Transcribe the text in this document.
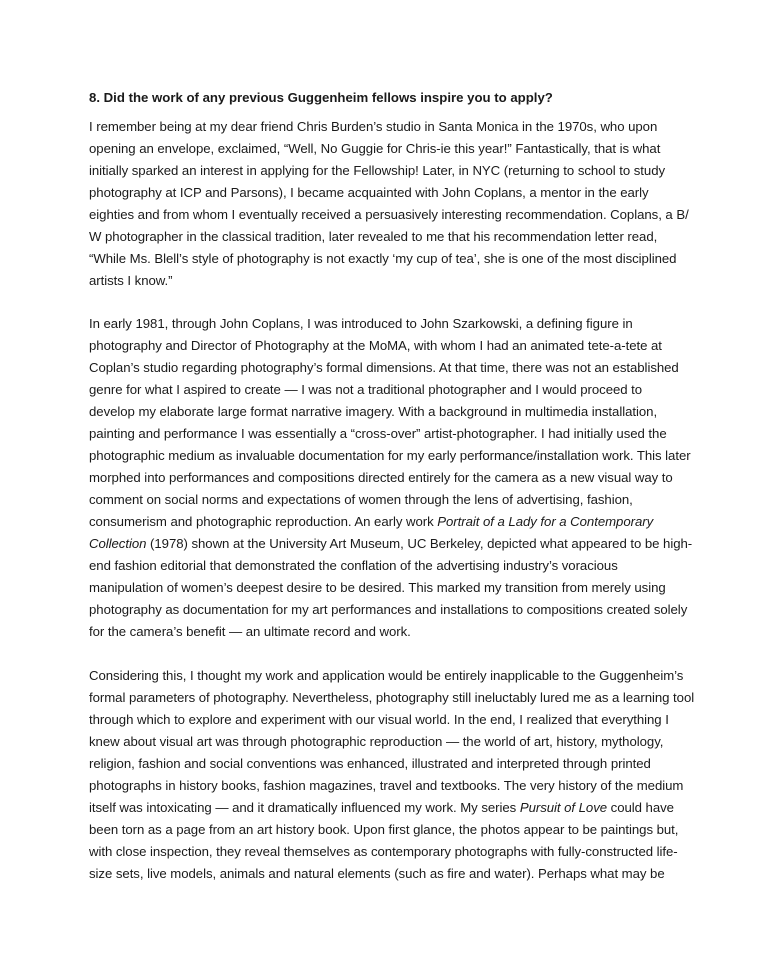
8. Did the work of any previous Guggenheim fellows inspire you to apply?
I remember being at my dear friend Chris Burden’s studio in Santa Monica in the 1970s, who upon
opening an envelope, exclaimed, “Well, No Guggie for Chris-ie this year!” Fantastically, that is what
initially sparked an interest in applying for the Fellowship! Later, in NYC (returning to school to study
photography at ICP and Parsons), I became acquainted with John Coplans, a mentor in the early
eighties and from whom I eventually received a persuasively interesting recommendation. Coplans, a B/
W photographer in the classical tradition, later revealed to me that his recommendation letter read,
“While Ms. Blell’s style of photography is not exactly ‘my cup of tea’, she is one of the most disciplined
artists I know.”
In early 1981, through John Coplans, I was introduced to John Szarkowski, a defining figure in
photography and Director of Photography at the MoMA, with whom I had an animated tete-a-tete at
Coplan’s studio regarding photography’s formal dimensions. At that time, there was not an established
genre for what I aspired to create — I was not a traditional photographer and I would proceed to
develop my elaborate large format narrative imagery. With a background in multimedia installation,
painting and performance I was essentially a “cross-over” artist-photographer. I had initially used the
photographic medium as invaluable documentation for my early performance/installation work. This later
morphed into performances and compositions directed entirely for the camera as a new visual way to
comment on social norms and expectations of women through the lens of advertising, fashion,
consumerism and photographic reproduction. An early work Portrait of a Lady for a Contemporary
Collection (1978) shown at the University Art Museum, UC Berkeley, depicted what appeared to be high-
end fashion editorial that demonstrated the conflation of the advertising industry’s voracious
manipulation of women’s deepest desire to be desired. This marked my transition from merely using
photography as documentation for my art performances and installations to compositions created solely
for the camera’s benefit — an ultimate record and work.
Considering this, I thought my work and application would be entirely inapplicable to the Guggenheim’s
formal parameters of photography. Nevertheless, photography still ineluctably lured me as a learning tool
through which to explore and experiment with our visual world. In the end, I realized that everything I
knew about visual art was through photographic reproduction — the world of art, history, mythology,
religion, fashion and social conventions was enhanced, illustrated and interpreted through printed
photographs in history books, fashion magazines, travel and textbooks. The very history of the medium
itself was intoxicating — and it dramatically influenced my work. My series Pursuit of Love could have
been torn as a page from an art history book. Upon first glance, the photos appear to be paintings but,
with close inspection, they reveal themselves as contemporary photographs with fully-constructed life-
size sets, live models, animals and natural elements (such as fire and water). Perhaps what may be
